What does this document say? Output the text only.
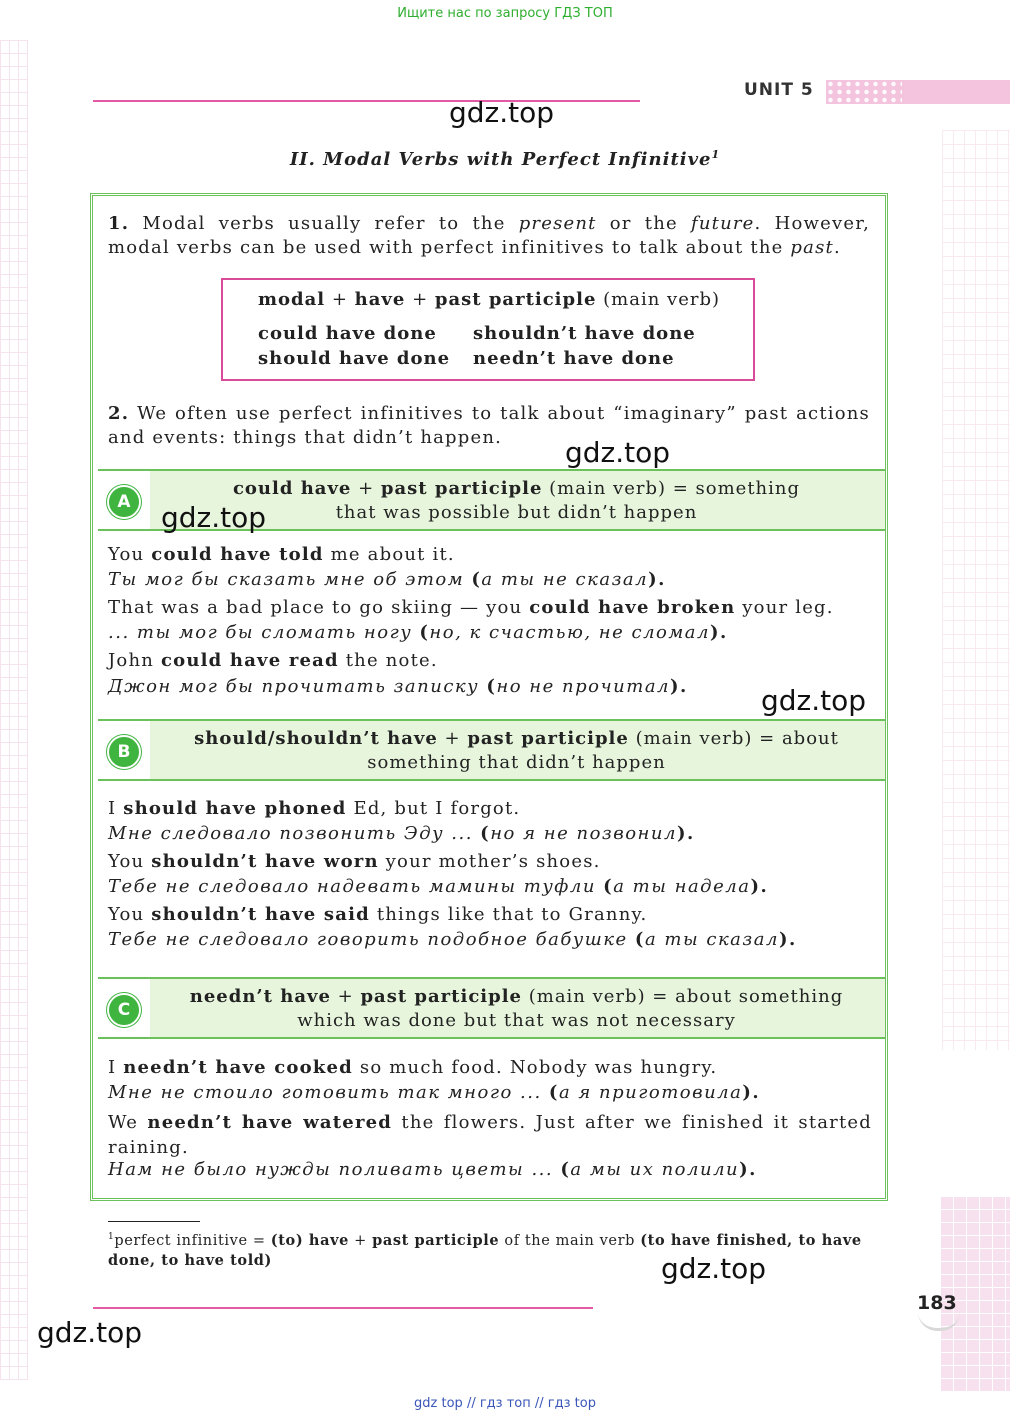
Ищите нас по запросу ГДЗ ТОП
UNIT 5
gdz.top
II. Modal Verbs with Perfect Infinitive$^1$
1. Modal verbs usually refer to the present or the future. However, modal verbs can be used with perfect infinitives to talk about the past.
modal + have + past participle (main verb)
could have done shouldn’t have done
should have done needn’t have done
2. We often use perfect infinitives to talk about “imaginary” past actions and events: things that didn’t happen.	gdz.top
A
could have + past participle (main verb) = something
that was possible but didn’t happen
gdz.top
You could have told me about it.
Ты мог бы сказать мне об этом (а ты не сказал).
That was a bad place to go skiing — you could have broken your leg.
... ты мог бы сломать ногу (но, к счастью, не сломал).
John could have read the note.
Джон мог бы прочитать записку (но не прочитал).	gdz.top
B
should/shouldn’t have + past participle (main verb) = about
something that didn’t happen
I should have phoned Ed, but I forgot.
Мне следовало позвонить Эду ... (но я не позвонил).
You shouldn’t have worn your mother’s shoes.
Тебе не следовало надевать мамины туфли (а ты надела).
You shouldn’t have said things like that to Granny.
Тебе не следовало говорить подобное бабушке (а ты сказал).
C
needn’t have + past participle (main verb) = about something
which was done but that was not necessary
I needn’t have cooked so much food. Nobody was hungry.
Мне не стоило готовить так много ... (а я приготовила).
We needn’t have watered the flowers. Just after we finished it started raining.
Нам не было нужды поливать цветы ... (а мы их полили).
$^1$perfect infinitive = (to) have + past participle of the main verb (to have finished, to have done, to have told)	gdz.top
183
gdz.top
gdz top // гдз топ // гдз top
